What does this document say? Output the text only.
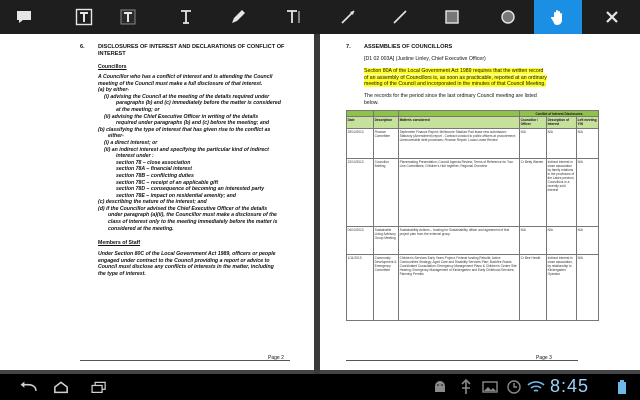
6. DISCLOSURES OF INTEREST AND DECLARATIONS OF CONFLICT OF
INTEREST
Councillors
A Councillor who has a conflict of interest and is attending the Council
meeting of the Council must make a full disclosure of that interest.
(a) by either-
(i) advising the Council at the meeting of the details required under
paragraphs (b) and (c) immediately before the matter is considered
at the meeting; or
(ii) advising the Chief Executive Officer in writing of the details
required under paragraphs (b) and (c) before the meeting; and
(b) classifying the type of interest that has given rise to the conflict as
either-
(i) a direct interest; or
(ii) an indirect interest and specifying the particular kind of indirect
interest under :
section 78 – close association
section 78A – financial interest
section 78B – conflicting duties
section 78C – receipt of an applicable gift
section 78D – consequence of becoming an interested party
section 78E – impact on residential amenity; and
(c) describing the nature of the interest; and
(d) if the Councillor advised the Chief Executive Officer of the details
under paragraph (a)(ii), the Councillor must make a disclosure of the
class of interest only to the meeting immediately before the matter is
considered at the meeting.
Members of Staff
Under Section 80C of the Local Government Act 1989, officers or people
engaged under contract to the Council providing a report or advice to
Council must disclose any conflicts of interests in the matter, including
the type of interest.
Page 2
7. ASSEMBLIES OF COUNCILLORS
[D1 02 003A] (Justine Linley, Chief Executive Officer)
Section 80A of the Local Government Act 1989 requires that the written record
of an assembly of Councillors is, as soon as practicable, reported at an ordinary
meeting of the Council and incorporated in the minutes of that Council Meeting.
The records for the period since the last ordinary Council meeting are listed
below.
			Conflict of Interest Disclosures		
Date	Description	Matter/s considered	Councillor / Officer	Description of Interest	Left meeting Y/N
29/10/2013	Finance Committee	September Finance Report; Melbourne Stadium Pad lease new submission; Statutory (Amendment) report - Contract conduct to public officers at procurement; Unrecoverable debt processes; Finance Report; Lucas Lease Review	N/A	N/A	N/A
22/10/2013	Councillor Briefing	Placemaking Presentation; Council Agenda Review; Terms of Reference for Tour Line Committees; Children's Hub together; Regional Overview	Cr Betty Warren	Indirect interest in close association by family relations in the provisions of the Lakes precinct, Councillors in a recently sold interest	N/A
04/10/2013	Sustainable Living Advisory Group Meeting	Sustainability Actions – funding for Sustainability officer and agreement of first project plan from the external group	N/A	N/A	N/A
1/11/2013	Community Development & Emergency Committee	Children's Services Early Years Project; Federal funding Rebuild; Active Communities Strategy; Aged Care and Disability Services Plan; Bushfire Roads Coordinated Consultation; Emergency Management Plans & Children's Centre Site Hearing; Emergency Management of Kindergarten and Early Childhood Services; Planning Permits	Cr Bee Hewitt	Indirect interest in close association, by relationship to Kindergarten Operator	N/A
Page 3
8:45
